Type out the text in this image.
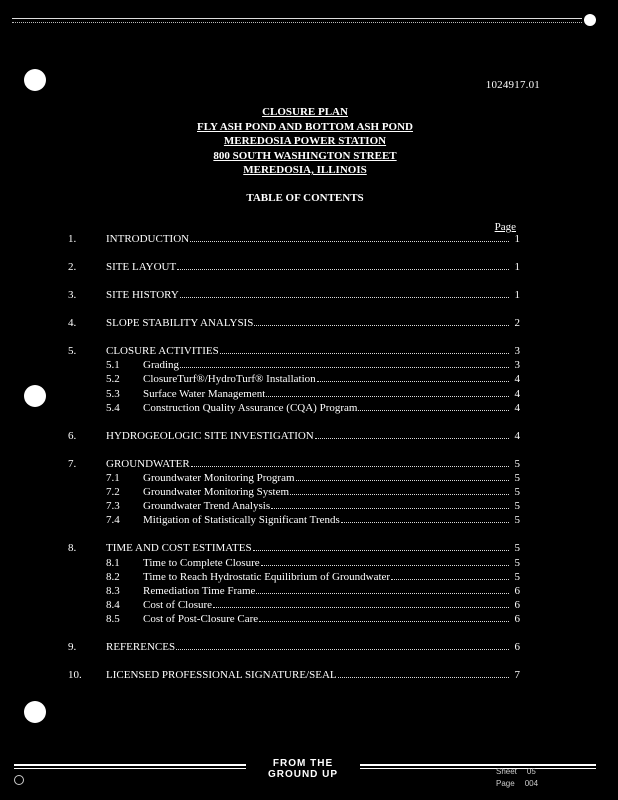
1024917.01
CLOSURE PLAN
FLY ASH POND AND BOTTOM ASH POND
MEREDOSIA POWER STATION
800 SOUTH WASHINGTON STREET
MEREDOSIA, ILLINOIS
TABLE OF CONTENTS
Page
1.	INTRODUCTION	1
2.	SITE LAYOUT	1
3.	SITE HISTORY	1
4.	SLOPE STABILITY ANALYSIS	2
5.	CLOSURE ACTIVITIES	3
5.1	Grading	3
5.2	ClosureTurf®/HydroTurf® Installation	4
5.3	Surface Water Management	4
5.4	Construction Quality Assurance (CQA) Program	4
6.	HYDROGEOLOGIC SITE INVESTIGATION	4
7.	GROUNDWATER	5
7.1	Groundwater Monitoring Program	5
7.2	Groundwater Monitoring System	5
7.3	Groundwater Trend Analysis	5
7.4	Mitigation of Statistically Significant Trends	5
8.	TIME AND COST ESTIMATES	5
8.1	Time to Complete Closure	5
8.2	Time to Reach Hydrostatic Equilibrium of Groundwater	5
8.3	Remediation Time Frame	6
8.4	Cost of Closure	6
8.5	Cost of Post-Closure Care	6
9.	REFERENCES	6
10.	LICENSED PROFESSIONAL SIGNATURE/SEAL	7
FROM THE GROUND UP	Sheet 05
Page 004
